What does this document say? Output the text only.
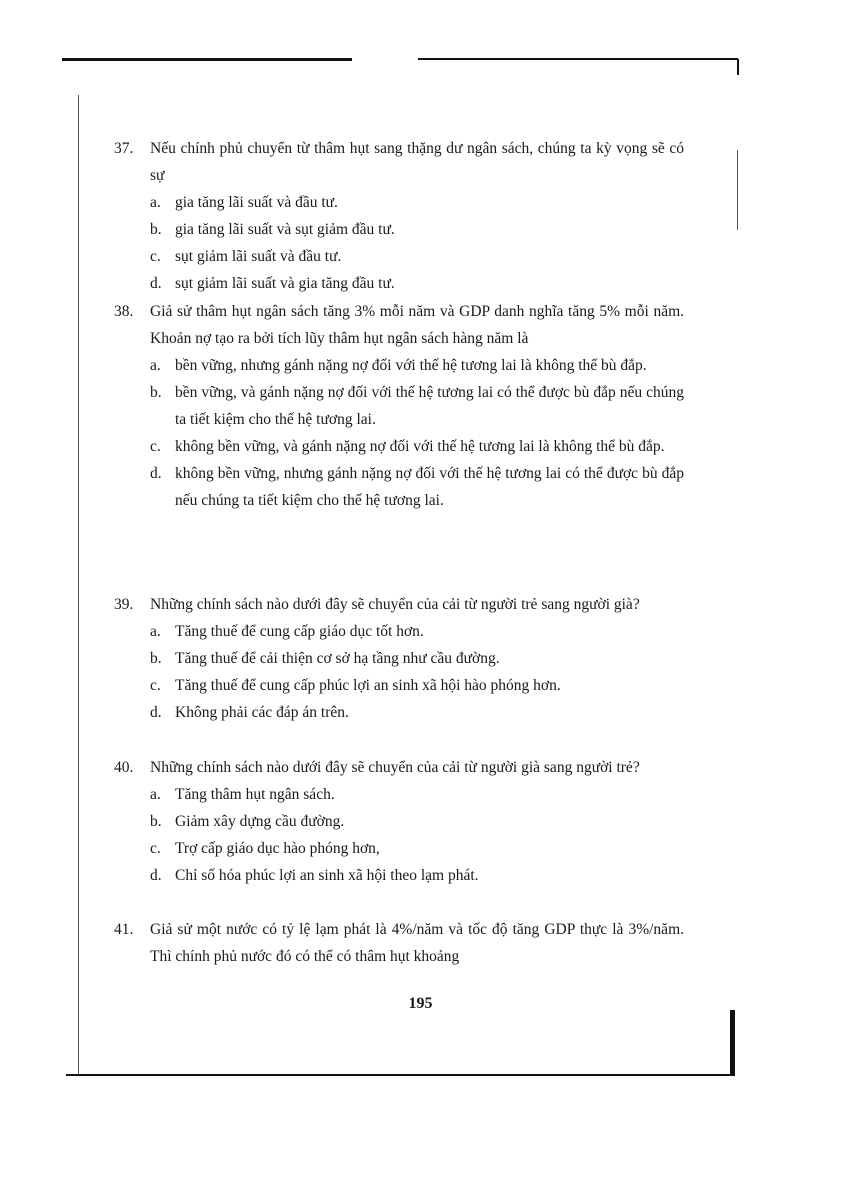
37.	Nếu chính phủ chuyển từ thâm hụt sang thặng dư ngân sách, chúng ta kỳ vọng sẽ có sự
a. gia tăng lãi suất và đầu tư.
b. gia tăng lãi suất và sụt giảm đầu tư.
c. sụt giảm lãi suất và đầu tư.
d. sụt giảm lãi suất và gia tăng đầu tư.
38.	Giả sử thâm hụt ngân sách tăng 3% mỗi năm và GDP danh nghĩa tăng 5% mỗi năm. Khoản nợ tạo ra bởi tích lũy thâm hụt ngân sách hàng năm là
a. bền vững, nhưng gánh nặng nợ đối với thế hệ tương lai là không thể bù đắp.
b. bền vững, và gánh nặng nợ đối với thế hệ tương lai có thể được bù đắp nếu chúng ta tiết kiệm cho thế hệ tương lai.
c. không bền vững, và gánh nặng nợ đối với thế hệ tương lai là không thể bù đắp.
d. không bền vững, nhưng gánh nặng nợ đối với thế hệ tương lai có thể được bù đắp nếu chúng ta tiết kiệm cho thế hệ tương lai.
39.	Những chính sách nào dưới đây sẽ chuyển của cải từ người trẻ sang người già?
a. Tăng thuế để cung cấp giáo dục tốt hơn.
b. Tăng thuế để cải thiện cơ sở hạ tầng như cầu đường.
c. Tăng thuế để cung cấp phúc lợi an sinh xã hội hào phóng hơn.
d. Không phải các đáp án trên.
40.	Những chính sách nào dưới đây sẽ chuyển của cải từ người già sang người trẻ?
a. Tăng thâm hụt ngân sách.
b. Giảm xây dựng cầu đường.
c. Trợ cấp giáo dục hào phóng hơn,
d. Chỉ số hóa phúc lợi an sinh xã hội theo lạm phát.
41.	Giả sử một nước có tỷ lệ lạm phát là 4%/năm và tốc độ tăng GDP thực là 3%/năm. Thì chính phủ nước đó có thể có thâm hụt khoảng
195
